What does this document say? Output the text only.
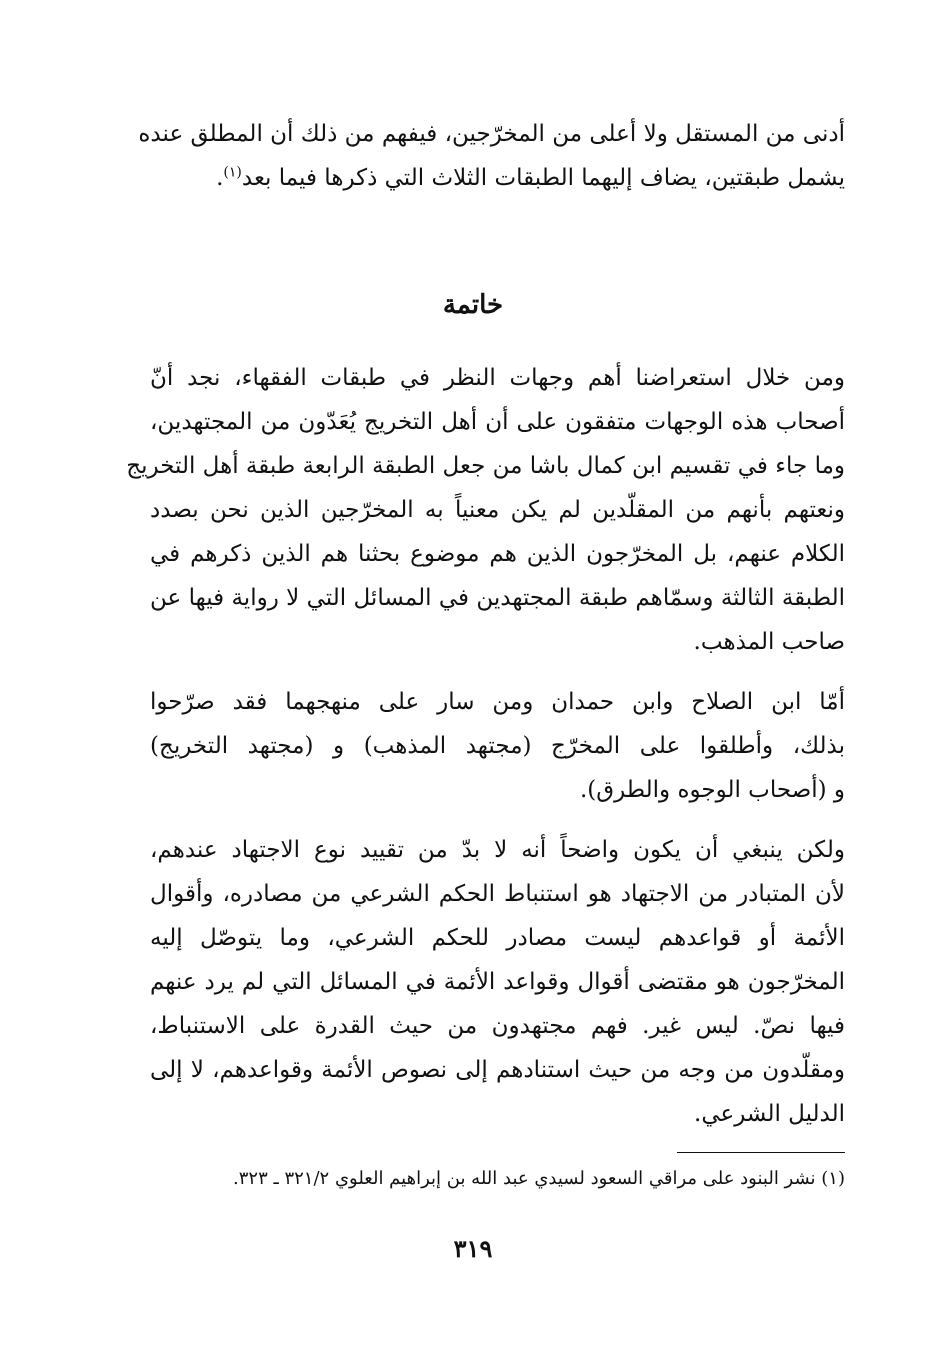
أدنى من المستقل ولا أعلى من المخرّجين، فيفهم من ذلك أن المطلق عنده
يشمل طبقتين، يضاف إليهما الطبقات الثلاث التي ذكرها فيما بعد$^{(١)}$.
خاتمة
ومن خلال استعراضنا أهم وجهات النظر في طبقات الفقهاء، نجد أنّ
أصحاب هذه الوجهات متفقون على أن أهل التخريج يُعَدّون من المجتهدين،
وما جاء في تقسيم ابن كمال باشا من جعل الطبقة الرابعة طبقة أهل التخريج
ونعتهم بأنهم من المقلّدين لم يكن معنياً به المخرّجين الذين نحن بصدد
الكلام عنهم، بل المخرّجون الذين هم موضوع بحثنا هم الذين ذكرهم في
الطبقة الثالثة وسمّاهم طبقة المجتهدين في المسائل التي لا رواية فيها عن
صاحب المذهب.
أمّا ابن الصلاح وابن حمدان ومن سار على منهجهما فقد صرّحوا
بذلك، وأطلقوا على المخرّج (مجتهد المذهب) و (مجتهد التخريج)
و (أصحاب الوجوه والطرق).
ولكن ينبغي أن يكون واضحاً أنه لا بدّ من تقييد نوع الاجتهاد عندهم،
لأن المتبادر من الاجتهاد هو استنباط الحكم الشرعي من مصادره، وأقوال
الأئمة أو قواعدهم ليست مصادر للحكم الشرعي، وما يتوصّل إليه
المخرّجون هو مقتضى أقوال وقواعد الأئمة في المسائل التي لم يرد عنهم
فيها نصّ. ليس غير. فهم مجتهدون من حيث القدرة على الاستنباط،
ومقلّدون من وجه من حيث استنادهم إلى نصوص الأئمة وقواعدهم، لا إلى
الدليل الشرعي.
(١) نشر البنود على مراقي السعود لسيدي عبد الله بن إبراهيم العلوي ٣٢١/٢ ـ ٣٢٣.
٣١٩
